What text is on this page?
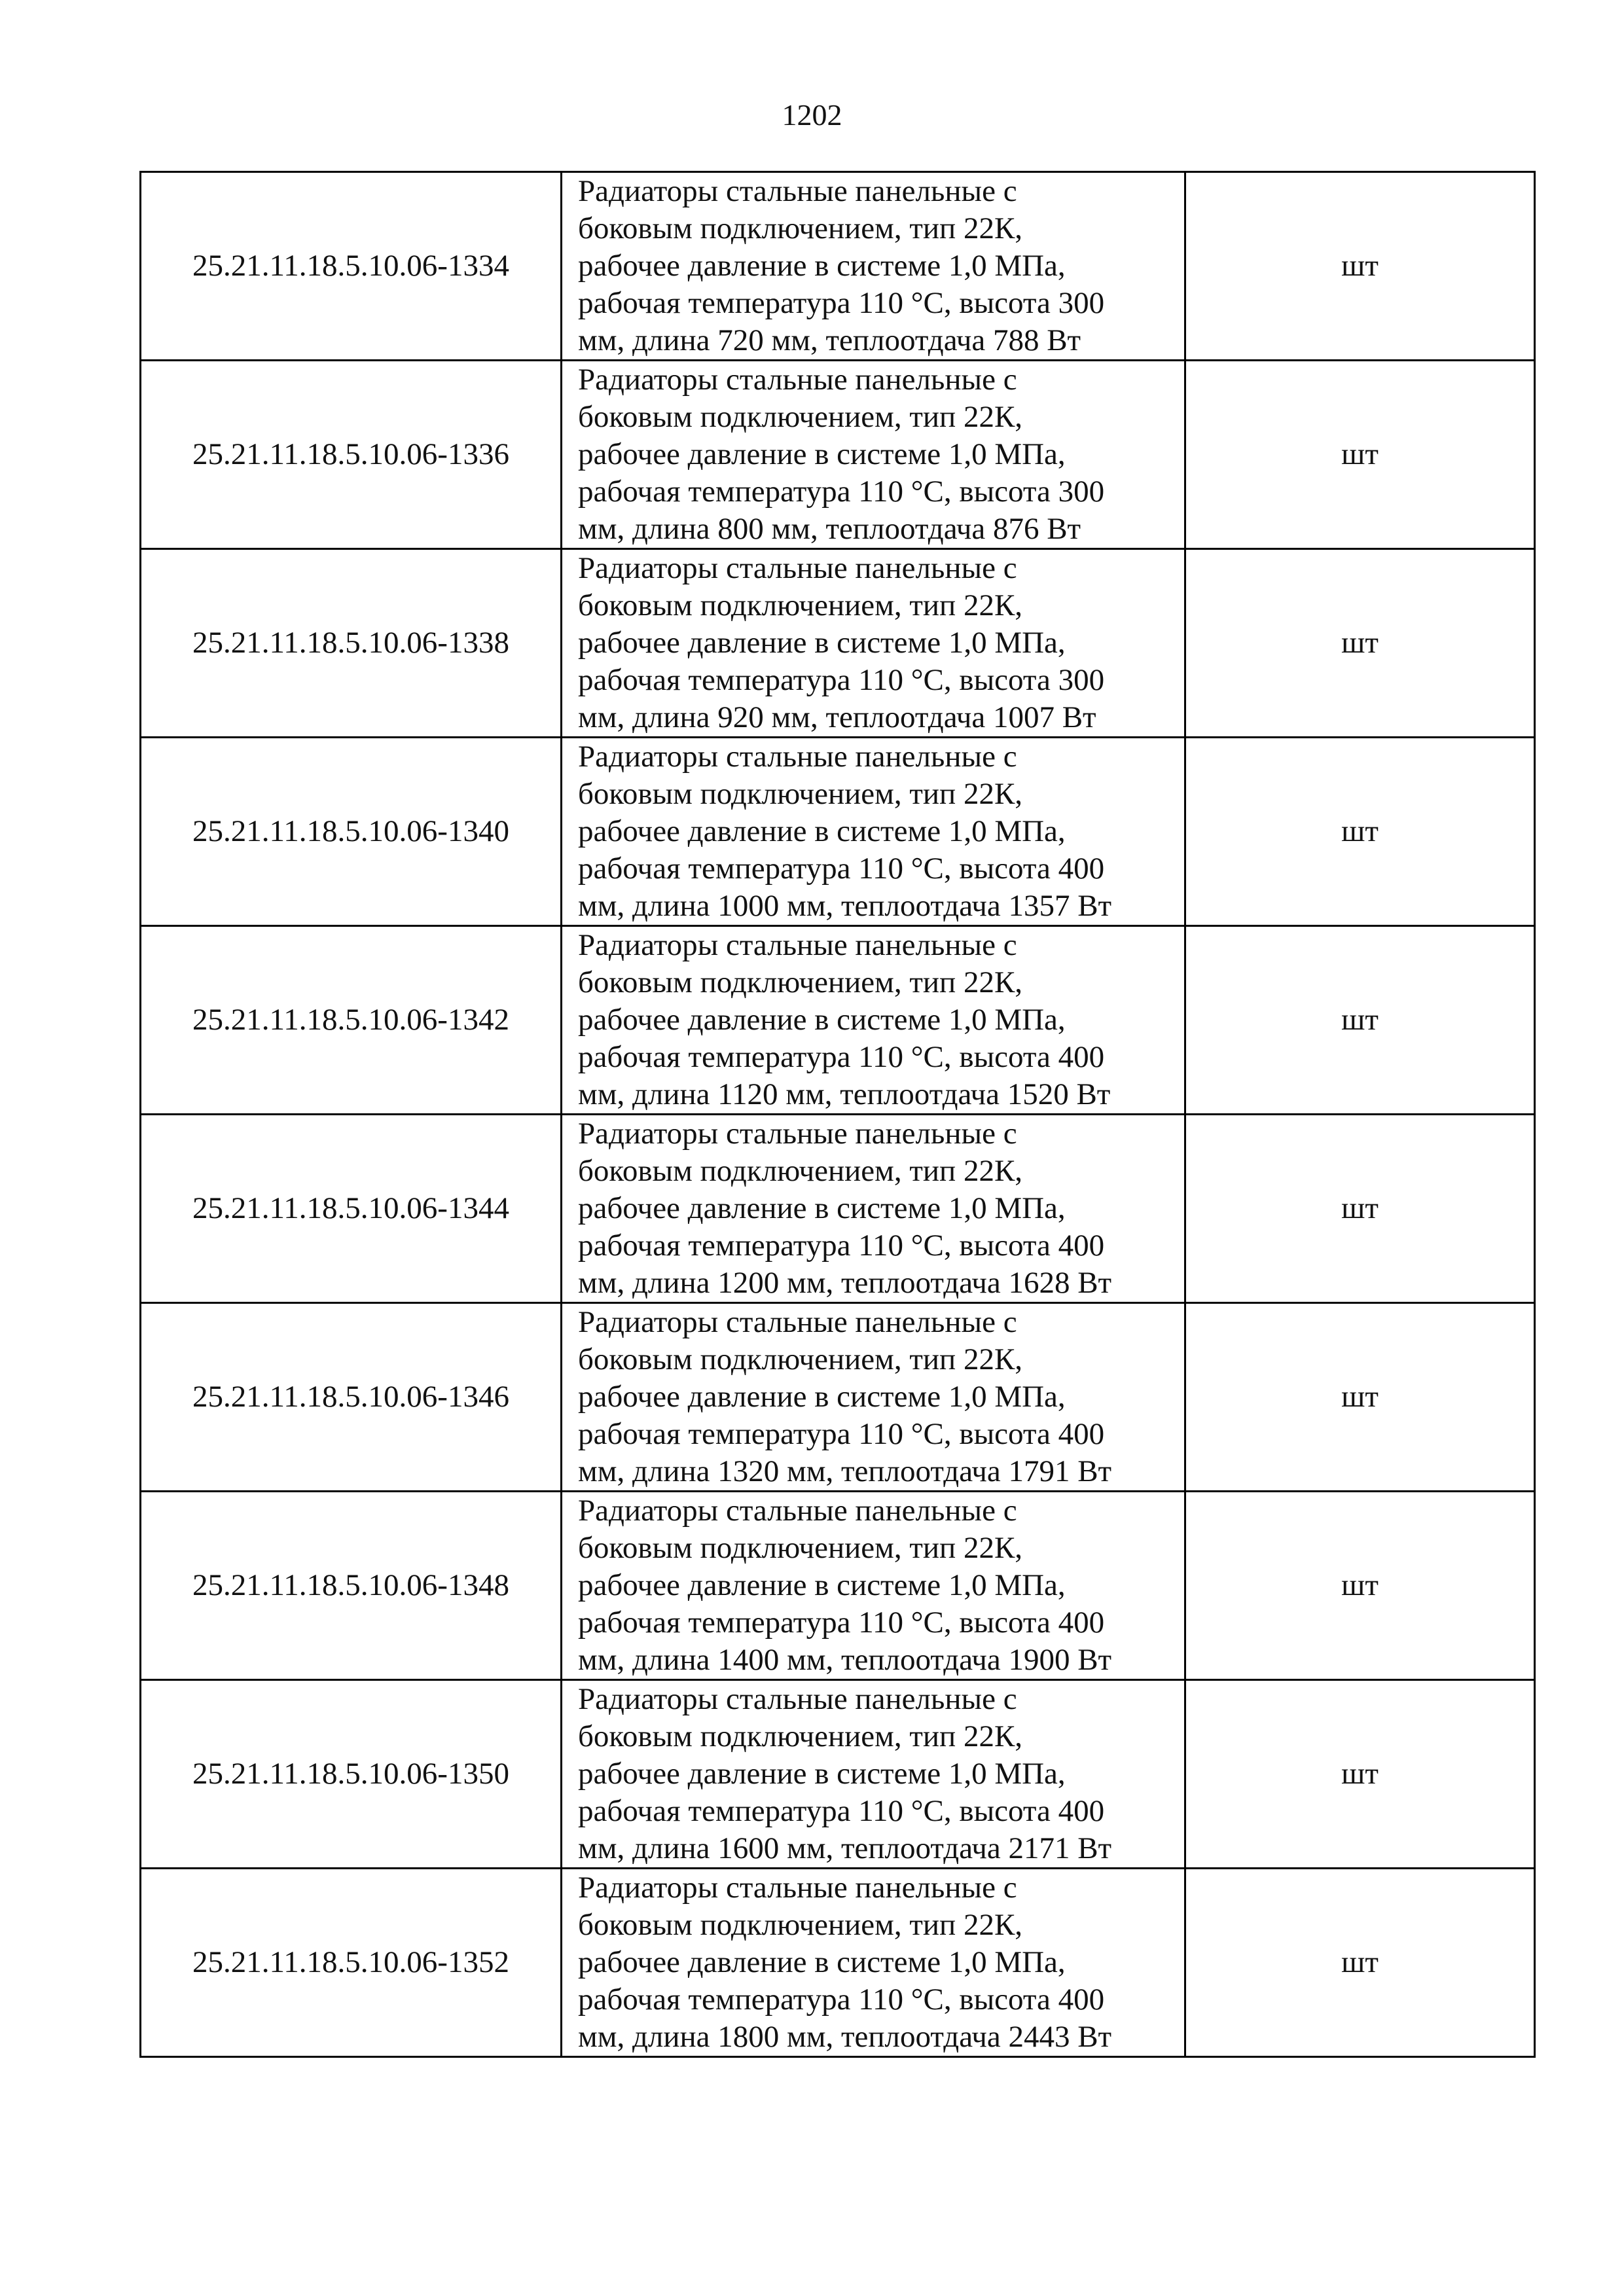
1202
25.21.11.18.5.10.06-1334	Радиаторы стальные панельные с
боковым подключением, тип 22К,
рабочее давление в системе 1,0 МПа,
рабочая температура 110 °С, высота 300
мм, длина 720 мм, теплоотдача 788 Вт	шт
25.21.11.18.5.10.06-1336	Радиаторы стальные панельные с
боковым подключением, тип 22К,
рабочее давление в системе 1,0 МПа,
рабочая температура 110 °С, высота 300
мм, длина 800 мм, теплоотдача 876 Вт	шт
25.21.11.18.5.10.06-1338	Радиаторы стальные панельные с
боковым подключением, тип 22К,
рабочее давление в системе 1,0 МПа,
рабочая температура 110 °С, высота 300
мм, длина 920 мм, теплоотдача 1007 Вт	шт
25.21.11.18.5.10.06-1340	Радиаторы стальные панельные с
боковым подключением, тип 22К,
рабочее давление в системе 1,0 МПа,
рабочая температура 110 °С, высота 400
мм, длина 1000 мм, теплоотдача 1357 Вт	шт
25.21.11.18.5.10.06-1342	Радиаторы стальные панельные с
боковым подключением, тип 22К,
рабочее давление в системе 1,0 МПа,
рабочая температура 110 °С, высота 400
мм, длина 1120 мм, теплоотдача 1520 Вт	шт
25.21.11.18.5.10.06-1344	Радиаторы стальные панельные с
боковым подключением, тип 22К,
рабочее давление в системе 1,0 МПа,
рабочая температура 110 °С, высота 400
мм, длина 1200 мм, теплоотдача 1628 Вт	шт
25.21.11.18.5.10.06-1346	Радиаторы стальные панельные с
боковым подключением, тип 22К,
рабочее давление в системе 1,0 МПа,
рабочая температура 110 °С, высота 400
мм, длина 1320 мм, теплоотдача 1791 Вт	шт
25.21.11.18.5.10.06-1348	Радиаторы стальные панельные с
боковым подключением, тип 22К,
рабочее давление в системе 1,0 МПа,
рабочая температура 110 °С, высота 400
мм, длина 1400 мм, теплоотдача 1900 Вт	шт
25.21.11.18.5.10.06-1350	Радиаторы стальные панельные с
боковым подключением, тип 22К,
рабочее давление в системе 1,0 МПа,
рабочая температура 110 °С, высота 400
мм, длина 1600 мм, теплоотдача 2171 Вт	шт
25.21.11.18.5.10.06-1352	Радиаторы стальные панельные с
боковым подключением, тип 22К,
рабочее давление в системе 1,0 МПа,
рабочая температура 110 °С, высота 400
мм, длина 1800 мм, теплоотдача 2443 Вт	шт
